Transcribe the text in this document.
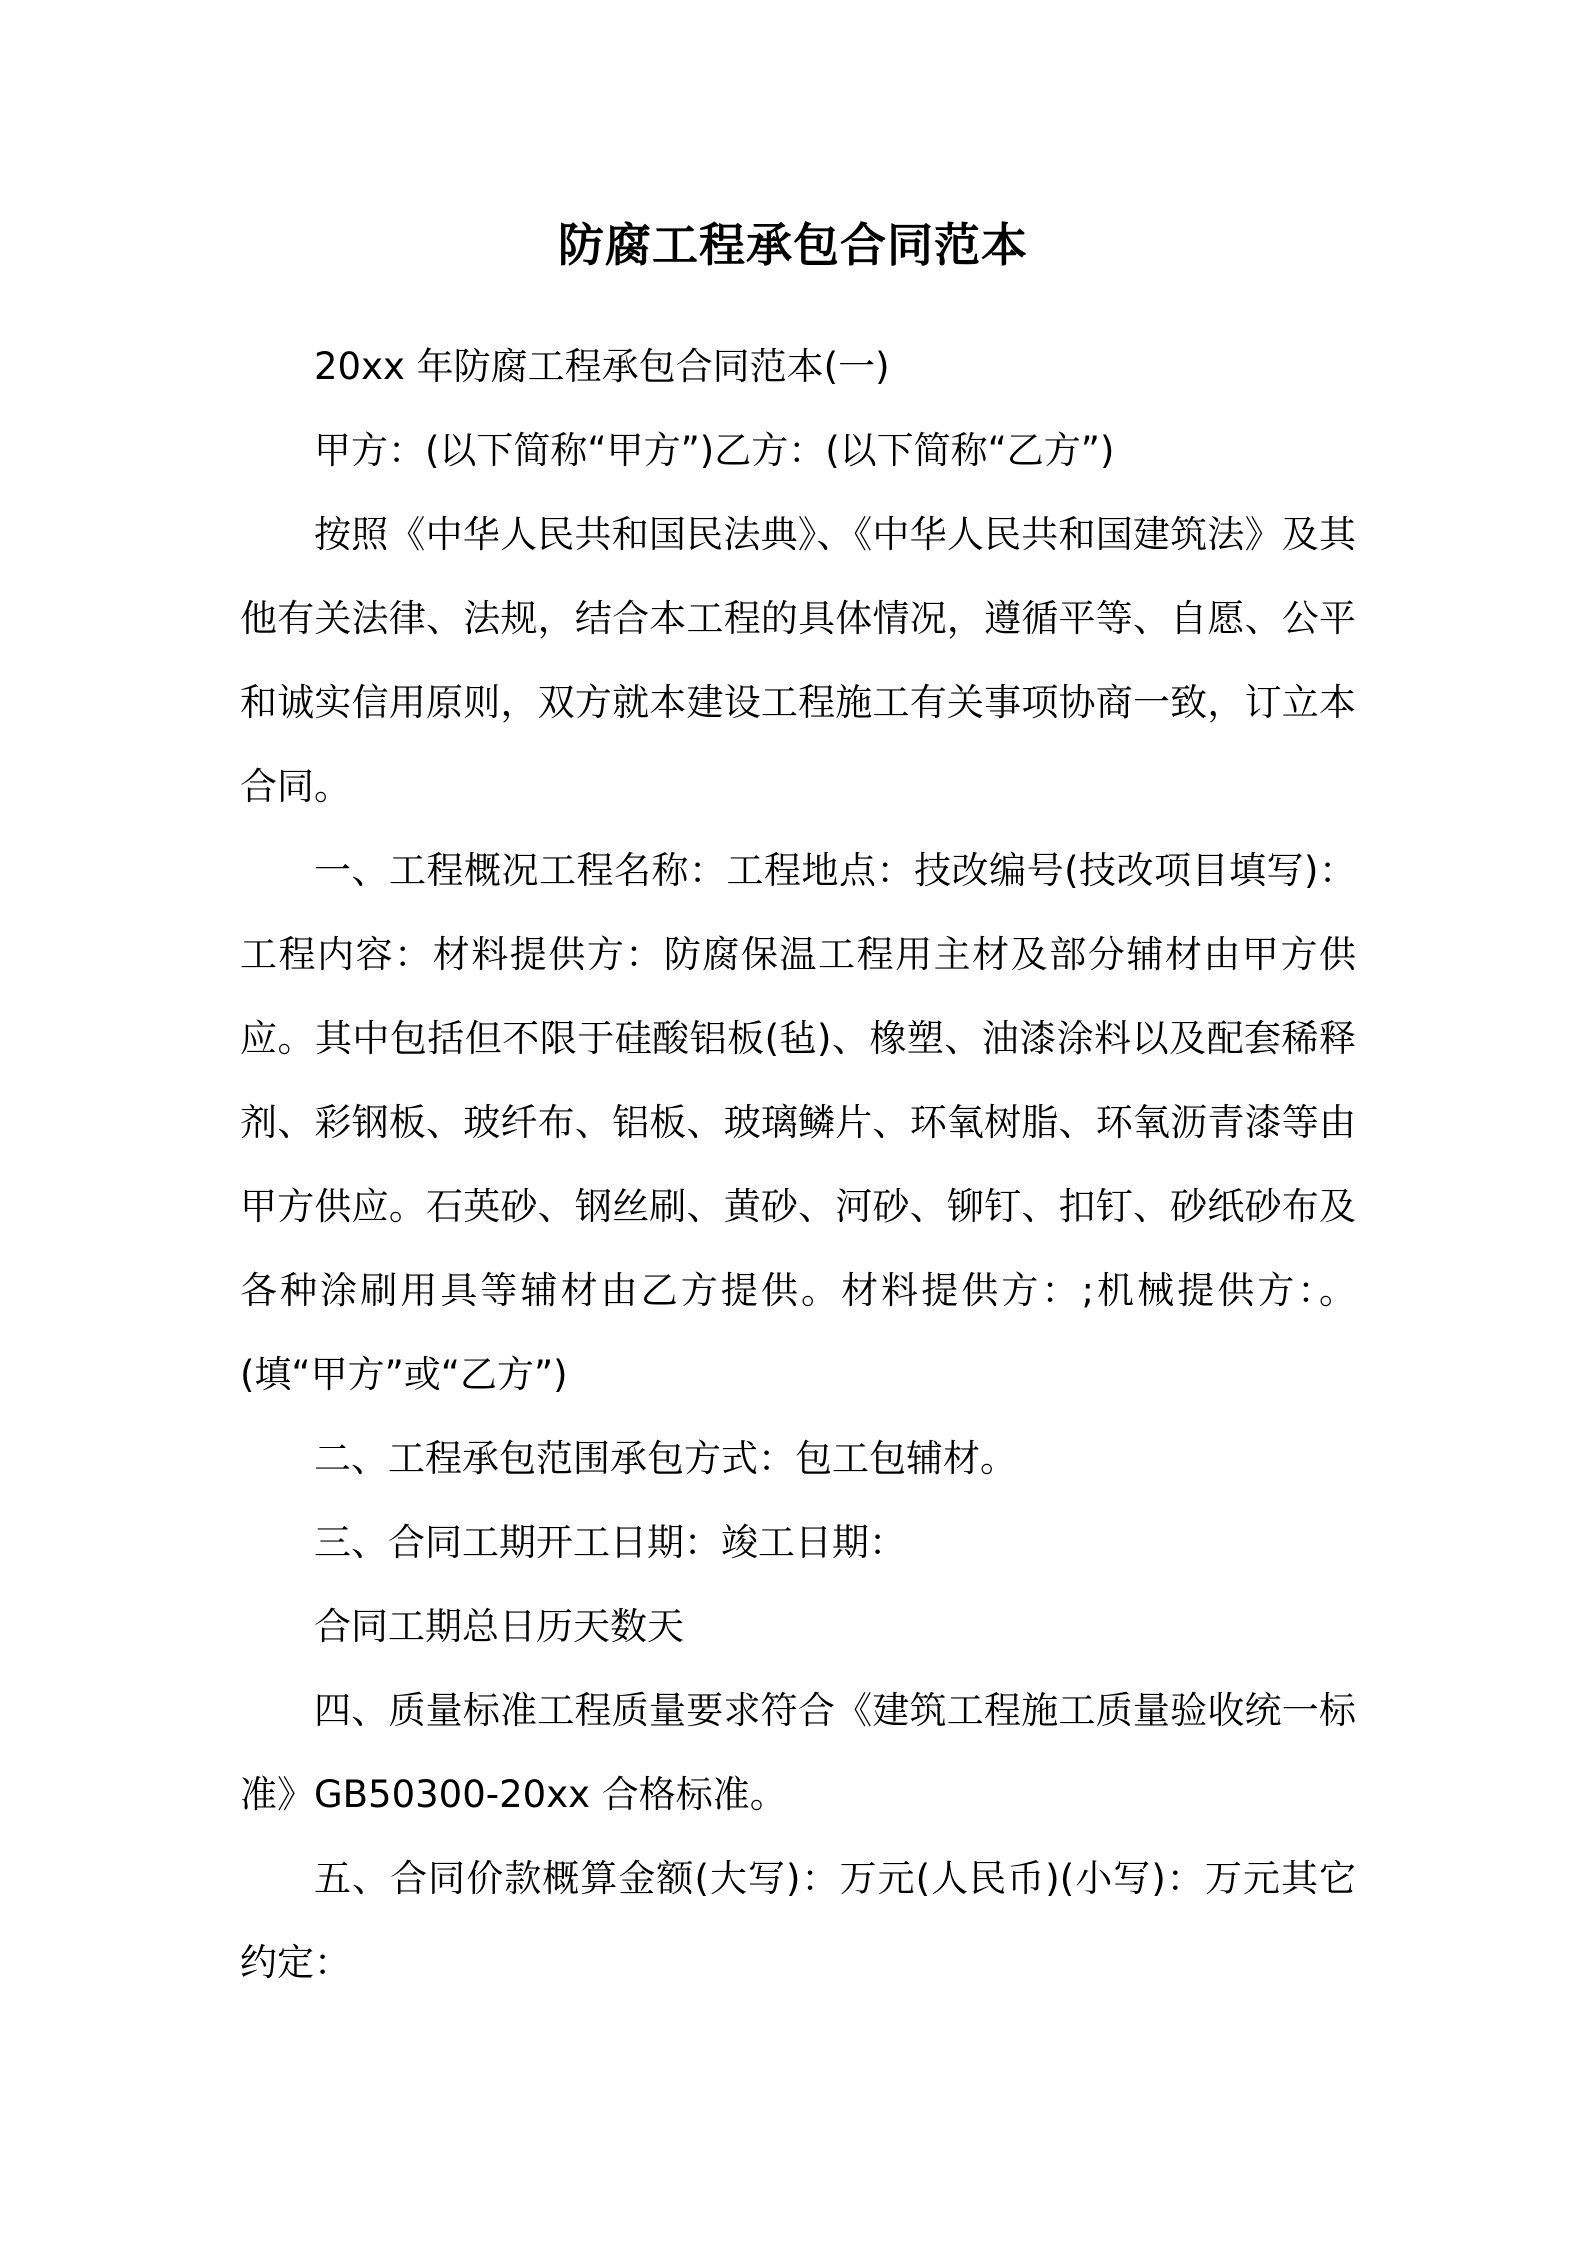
防腐工程承包合同范本

20xx 年防腐工程承包合同范本(一)

甲方：(以下简称“甲方”)乙方：(以下简称“乙方”)

按照《中华人民共和国民法典》、《中华人民共和国建筑法》及其他有关法律、法规，结合本工程的具体情况，遵循平等、自愿、公平和诚实信用原则，双方就本建设工程施工有关事项协商一致，订立本合同。

一、工程概况工程名称：工程地点：技改编号(技改项目填写)：工程内容：材料提供方：防腐保温工程用主材及部分辅材由甲方供应。其中包括但不限于硅酸铝板(毡)、橡塑、油漆涂料以及配套稀释剂、彩钢板、玻纤布、铝板、玻璃鳞片、环氧树脂、环氧沥青漆等由甲方供应。石英砂、钢丝刷、黄砂、河砂、铆钉、扣钉、砂纸砂布及各种涂刷用具等辅材由乙方提供。材料提供方：;机械提供方：。(填“甲方”或“乙方”)

二、工程承包范围承包方式：包工包辅材。

三、合同工期开工日期：竣工日期：

合同工期总日历天数天

四、质量标准工程质量要求符合《建筑工程施工质量验收统一标准》GB50300-20xx 合格标准。

五、合同价款概算金额(大写)：万元(人民币)(小写)：万元其它约定：
